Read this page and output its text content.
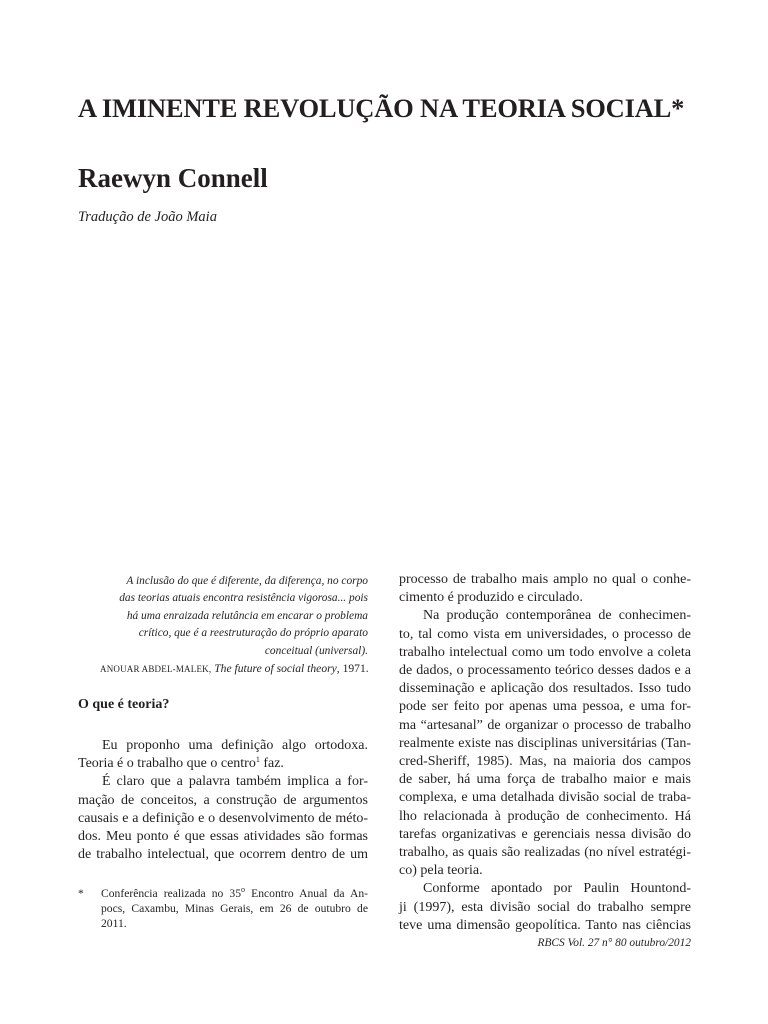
A IMINENTE REVOLUÇÃO NA TEORIA SOCIAL*
Raewyn Connell
Tradução de João Maia
A inclusão do que é diferente, da diferença, no corpo
das teorias atuais encontra resistência vigorosa... pois
há uma enraizada relutância em encarar o problema
crítico, que é a reestruturação do próprio aparato
conceitual (universal).
ANOUAR ABDEL-MALEK, The future of social theory, 1971.
O que é teoria?
Eu proponho uma definição algo ortodoxa.
Teoria é o trabalho que o centro$^1$ faz.
É claro que a palavra também implica a for-
mação de conceitos, a construção de argumentos
causais e a definição e o desenvolvimento de méto-
dos. Meu ponto é que essas atividades são formas
de trabalho intelectual, que ocorrem dentro de um
processo de trabalho mais amplo no qual o conhe-
cimento é produzido e circulado.
Na produção contemporânea de conhecimen-
to, tal como vista em universidades, o processo de
trabalho intelectual como um todo envolve a coleta
de dados, o processamento teórico desses dados e a
disseminação e aplicação dos resultados. Isso tudo
pode ser feito por apenas uma pessoa, e uma for-
ma “artesanal” de organizar o processo de trabalho
realmente existe nas disciplinas universitárias (Tan-
cred-Sheriff, 1985). Mas, na maioria dos campos
de saber, há uma força de trabalho maior e mais
complexa, e uma detalhada divisão social de traba-
lho relacionada à produção de conhecimento. Há
tarefas organizativas e gerenciais nessa divisão do
trabalho, as quais são realizadas (no nível estratégi-
co) pela teoria.
Conforme apontado por Paulin Hountond-
ji (1997), esta divisão social do trabalho sempre
teve uma dimensão geopolítica. Tanto nas ciências
* Conferência realizada no 35$^o$ Encontro Anual da An-
pocs, Caxambu, Minas Gerais, em 26 de outubro de
2011.
RBCS Vol. 27 n° 80 outubro/2012
